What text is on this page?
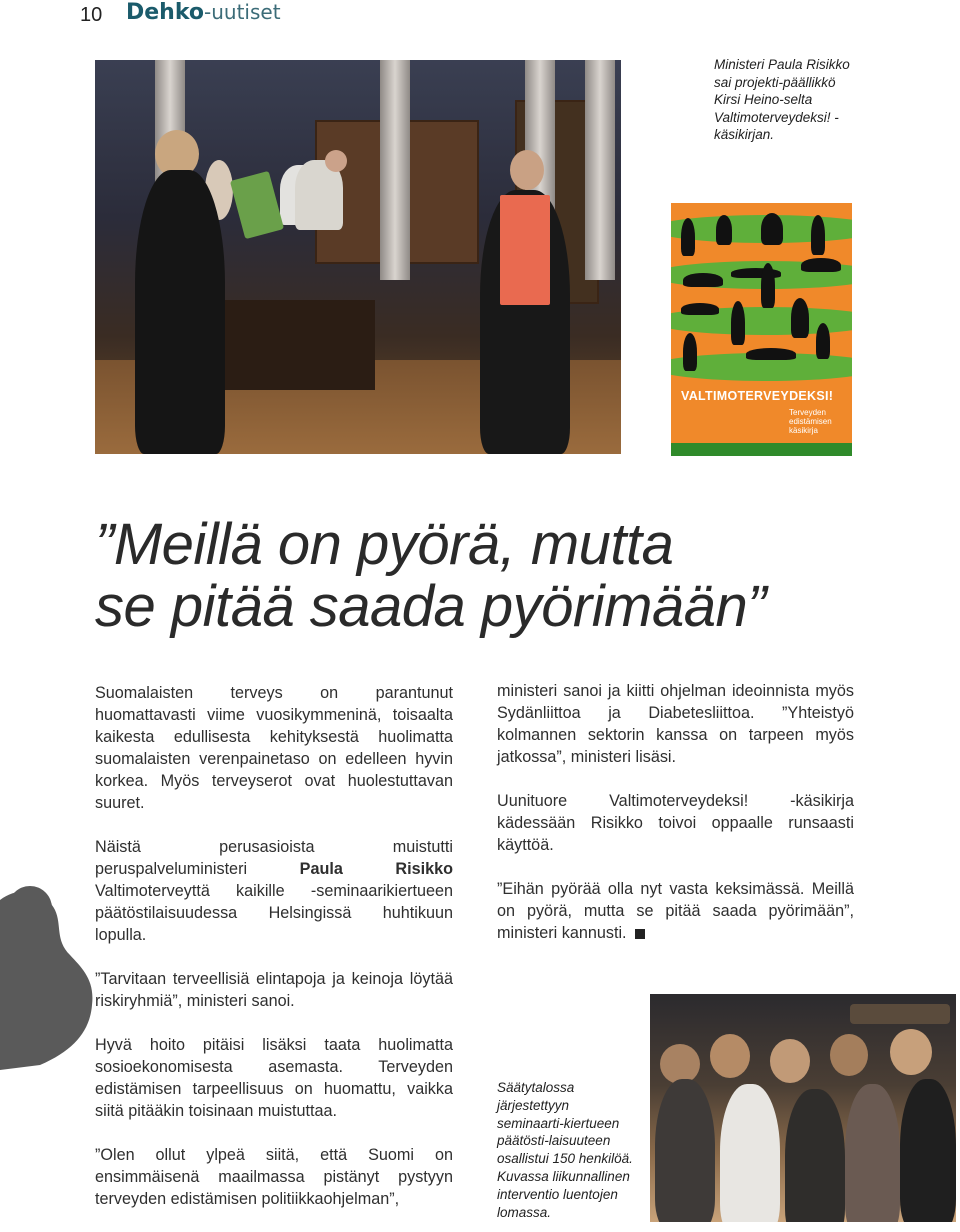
10 Dehko-uutiset
Ministeri Paula Risikko sai projekti-päällikkö Kirsi Heino-selta Valtimoterveydeksi! -käsikirjan.
VALTIMOTERVEYDEKSI!
Terveyden edistämisen käsikirja
”Meillä on pyörä, mutta
se pitää saada pyörimään”

Suomalaisten terveys on parantunut huomattavasti viime vuosikymmeninä, toisaalta kaikesta edullisesta kehityksestä huolimatta suomalaisten verenpainetaso on edelleen hyvin korkea. Myös terveyserot ovat huolestuttavan suuret.

Näistä perusasioista muistutti peruspalveluministeri Paula Risikko Valtimoterveyttä kaikille -seminaarikiertueen päätöstilaisuudessa Helsingissä huhtikuun lopulla.

”Tarvitaan terveellisiä elintapoja ja keinoja löytää riskiryhmiä”, ministeri sanoi.

Hyvä hoito pitäisi lisäksi taata huolimatta sosioekonomisesta asemasta. Terveyden edistämisen tarpeellisuus on huomattu, vaikka siitä pitääkin toisinaan muistuttaa.

”Olen ollut ylpeä siitä, että Suomi on ensimmäisenä maailmassa pistänyt pystyyn terveyden edistämisen politiikkaohjelman”,

ministeri sanoi ja kiitti ohjelman ideoinnista myös Sydänliittoa ja Diabetesliittoa. ”Yhteistyö kolmannen sektorin kanssa on tarpeen myös jatkossa”, ministeri lisäsi.

Uunituore Valtimoterveydeksi! -käsikirja kädessään Risikko toivoi oppaalle runsaasti käyttöä.

”Eihän pyörää olla nyt vasta keksimässä. Meillä on pyörä, mutta se pitää saada pyörimään”, ministeri kannusti.

Säätytalossa järjestettyyn seminaarti-kiertueen päätösti-laisuuteen osallistui 150 henkilöä. Kuvassa liikunnallinen interventio luentojen lomassa.
